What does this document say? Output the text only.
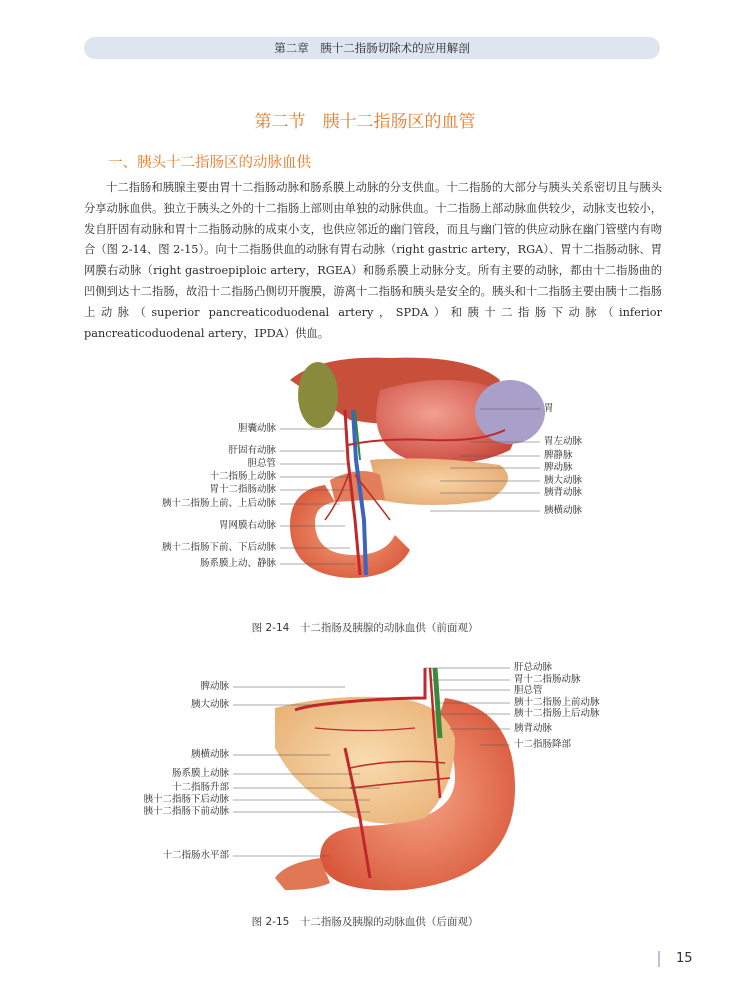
第二章　胰十二指肠切除术的应用解剖
第二节　胰十二指肠区的血管
一、胰头十二指肠区的动脉血供

十二指肠和胰腺主要由胃十二指肠动脉和肠系膜上动脉的分支供血。十二指肠的大部分与胰头关系密切且与胰头分享动脉血供。独立于胰头之外的十二指肠上部则由单独的动脉供血。十二指肠上部动脉血供较少，动脉支也较小，发自肝固有动脉和胃十二指肠动脉的成束小支，也供应邻近的幽门管段，而且与幽门管的供应动脉在幽门管壁内有吻合（图 2-14、图 2-15）。向十二指肠供血的动脉有胃右动脉（right gastric artery，RGA）、胃十二指肠动脉、胃网膜右动脉（right gastroepiploic artery，RGEA）和肠系膜上动脉分支。所有主要的动脉，都由十二指肠曲的凹侧到达十二指肠，故沿十二指肠凸侧切开腹膜，游离十二指肠和胰头是安全的。胰头和十二指肠主要由胰十二指肠上动脉（superior pancreaticoduodenal artery，SPDA）和胰十二指肠下动脉（inferior pancreaticoduodenal artery，IPDA）供血。

胆囊动脉
肝固有动脉
胆总管
十二指肠上动脉
胃十二指肠动脉
胰十二指肠上前、上后动脉
胃网膜右动脉
胰十二指肠下前、下后动脉
肠系膜上动、静脉
胃
胃左动脉
脾静脉
脾动脉
胰大动脉
胰背动脉
胰横动脉
图 2-14　十二指肠及胰腺的动脉血供（前面观）
脾动脉
胰大动脉
胰横动脉
肠系膜上动脉
十二指肠升部
胰十二指肠下后动脉
胰十二指肠下前动脉
十二指肠水平部
肝总动脉
胃十二指肠动脉
胆总管
胰十二指肠上前动脉
胰十二指肠上后动脉
胰背动脉
十二指肠降部
图 2-15　十二指肠及胰腺的动脉血供（后面观）
15
